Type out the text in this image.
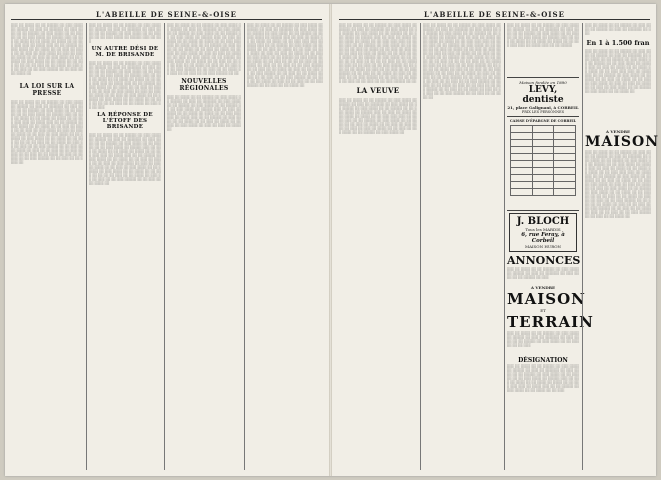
L'ABEILLE DE SEINE-&-OISE
░░░ ░░ ░░░░ ░░ ░░ ░░░░░ ░░ ░░░ ░░░░ ░░ ░░░░░ ░░ ░░░ ░░ ░░░░░░ ░░ ░░░ ░░░░ ░░ ░░ ░░░░░ ░░ ░░░ ░░░░ ░░ ░░ ░░░░░ ░░ ░░ ░░░ ░░░░ ░░ ░░░░░ ░░░ ░░ ░░░ ░░ ░░░░ ░░ ░░ ░░░░ ░░ ░░░░ ░░ ░░ ░░░ ░░░ ░░░ ░░ ░░░░ ░░░ ░░ ░░ ░░░░░ ░░ ░░░ ░░░░ ░░ ░░ ░░░░ ░░ ░░ ░░░ ░░ ░░░░ ░░ ░░ ░░░ ░░ ░░░ ░░░░ ░░ ░░░ ░░ ░░░ ░░ ░░░░ ░░ ░░ ░░░ ░░ ░░░ ░░░░ ░░ ░░ ░░░░░ ░░ ░░░ ░░░░ ░░ ░░ ░░░░ ░░ ░░ ░░░ ░░ ░░ ░░ ░░ ░░░ ░░ ░░ ░░░░ ░░ ░░░ ░░ ░░ ░░░ ░░ ░░ ░░░ ░░░░░ ░░ ░░ ░░░ ░░ ░░ ░░░░ ░░
LA LOI SUR LA PRESSE
░░░ ░░ ░░░░ ░░ ░░ ░░░░░ ░░ ░░░ ░░░░ ░░ ░░░░░ ░░ ░░░ ░░ ░░░░░░ ░░ ░░░ ░░░░ ░░ ░░ ░░░░░ ░░ ░░░ ░░░░ ░░ ░░ ░░░░░ ░░ ░░ ░░░ ░░░░ ░░ ░░░░░ ░░░ ░░ ░░░ ░░ ░░░░ ░░ ░░ ░░░░ ░░ ░░░░ ░░ ░░ ░░░ ░░░ ░░░ ░░ ░░░░ ░░░ ░░ ░░ ░░░░░ ░░ ░░░ ░░░░ ░░ ░░ ░░░░ ░░ ░░ ░░░ ░░ ░░░░ ░░ ░░ ░░░ ░░ ░░░ ░░░░ ░░ ░░░ ░░ ░░░ ░░ ░░░░ ░░ ░░ ░░░ ░░ ░░░ ░░░░ ░░ ░░ ░░░░░ ░░ ░░░ ░░░░ ░░ ░░ ░░░░ ░░ ░░ ░░░ ░░ ░░ ░░ ░░ ░░░ ░░ ░░ ░░░░ ░░ ░░░ ░░ ░░ ░░░ ░░ ░░ ░░░ ░░░░░ ░░ ░░ ░░░ ░░ ░░ ░░░░ ░░ ░░░ ░░ ░░ ░░░ ░░ ░░ ░░░ ░░░░░ ░░ ░░ ░░░ ░░ ░░ ░░░░ ░░ ░░░ ░░ ░░ ░░░ ░░ ░░ ░░░ ░░░░░ ░░ ░░ ░░░ ░░ ░░ ░░░░ ░░
░░░ ░░ ░░░░ ░░ ░░ ░░░░░ ░░ ░░░ ░░░░ ░░ ░░░░░ ░░ ░░░ ░░ ░░░░░░ ░░ ░░░ ░░░░ ░░ ░░ ░░░░░ ░░ ░░░ ░░░░ ░░ ░░ ░░░░░ ░░ ░░ ░░░ ░░░░ ░░ ░░░░░ ░░░ ░░ ░░░
UN AUTRE DÉSI DE M. DE BRISANDE
░░░ ░░ ░░░░ ░░ ░░ ░░░░░ ░░ ░░░ ░░░░ ░░ ░░░░░ ░░ ░░░ ░░ ░░░░░░ ░░ ░░░ ░░░░ ░░ ░░ ░░░░░ ░░ ░░░ ░░░░ ░░ ░░ ░░░░░ ░░ ░░ ░░░ ░░░░ ░░ ░░░░░ ░░░ ░░ ░░░ ░░ ░░░░ ░░ ░░ ░░░░ ░░ ░░░░ ░░ ░░ ░░░ ░░░ ░░░ ░░ ░░░░ ░░░ ░░ ░░ ░░░░░ ░░ ░░░ ░░░░ ░░ ░░ ░░░░ ░░ ░░ ░░░ ░░ ░░░░ ░░ ░░ ░░░ ░░ ░░░ ░░░░ ░░ ░░░ ░░ ░░░ ░░ ░░░░ ░░ ░░ ░░░ ░░ ░░░ ░░░░ ░░ ░░ ░░░░░ ░░ ░░░ ░░░░ ░░ ░░ ░░░░ ░░ ░░ ░░░ ░░ ░░ ░░ ░░ ░░░ ░░ ░░ ░░░░ ░░ ░░░ ░░ ░░ ░░░
LA RÉPONSE DE L'ÉTOFF DES BRISANDE
░░░ ░░ ░░░░ ░░ ░░ ░░░░░ ░░ ░░░ ░░░░ ░░ ░░░░░ ░░ ░░░ ░░ ░░░░░░ ░░ ░░░ ░░░░ ░░ ░░ ░░░░░ ░░ ░░░ ░░░░ ░░ ░░ ░░░░░ ░░ ░░ ░░░ ░░░░ ░░ ░░░░░ ░░░ ░░ ░░░ ░░ ░░░░ ░░ ░░ ░░░░ ░░ ░░░░ ░░ ░░ ░░░ ░░░ ░░░ ░░ ░░░░ ░░░ ░░ ░░ ░░░░░ ░░ ░░░ ░░░░ ░░ ░░ ░░░░ ░░ ░░ ░░░ ░░ ░░░░ ░░ ░░ ░░░ ░░ ░░░ ░░░░ ░░ ░░░ ░░ ░░░ ░░ ░░░░ ░░ ░░ ░░░ ░░ ░░░ ░░░░ ░░ ░░ ░░░░░ ░░ ░░░ ░░░░ ░░ ░░ ░░░░ ░░ ░░ ░░░ ░░ ░░ ░░ ░░ ░░░ ░░ ░░ ░░░░ ░░ ░░░ ░░ ░░ ░░░ ░░ ░░ ░░░ ░░░░░ ░░ ░░ ░░░ ░░ ░░ ░░░░ ░░
░░░ ░░ ░░░░ ░░ ░░ ░░░░░ ░░ ░░░ ░░░░ ░░ ░░░░░ ░░ ░░░ ░░ ░░░░░░ ░░ ░░░ ░░░░ ░░ ░░ ░░░░░ ░░ ░░░ ░░░░ ░░ ░░ ░░░░░ ░░ ░░ ░░░ ░░░░ ░░ ░░░░░ ░░░ ░░ ░░░ ░░ ░░░░ ░░ ░░ ░░░░ ░░ ░░░░ ░░ ░░ ░░░ ░░░ ░░░ ░░ ░░░░ ░░░ ░░ ░░ ░░░░░ ░░ ░░░ ░░░░ ░░ ░░ ░░░░ ░░ ░░ ░░░ ░░ ░░░░ ░░ ░░ ░░░ ░░ ░░░ ░░░░ ░░ ░░░ ░░ ░░░ ░░ ░░░░ ░░ ░░ ░░░ ░░ ░░░ ░░░░ ░░ ░░ ░░░░░ ░░ ░░░ ░░░░ ░░ ░░ ░░░░ ░░ ░░ ░░░ ░░ ░░ ░░ ░░ ░░░ ░░ ░░ ░░░░ ░░ ░░░ ░░ ░░ ░░░ ░░ ░░ ░░░ ░░░░░ ░░ ░░ ░░░ ░░ ░░ ░░░░ ░░ ░░░ ░░ ░░ ░░░ ░░ ░░ ░░░ ░░░░░ ░░ ░░
NOUVELLES RÉGIONALES
░░░ ░░ ░░░░ ░░ ░░ ░░░░░ ░░ ░░░ ░░░░ ░░ ░░░░░ ░░ ░░░ ░░ ░░░░░░ ░░ ░░░ ░░░░ ░░ ░░ ░░░░░ ░░ ░░░ ░░░░ ░░ ░░ ░░░░░ ░░ ░░ ░░░ ░░░░ ░░ ░░░░░ ░░░ ░░ ░░░ ░░ ░░░░ ░░ ░░ ░░░░ ░░ ░░░░ ░░ ░░ ░░░ ░░░ ░░░ ░░ ░░░░ ░░░ ░░ ░░ ░░░░░ ░░ ░░░ ░░░░ ░░ ░░ ░░░░ ░░ ░░ ░░░ ░░ ░░░░ ░░ ░░ ░░░ ░░ ░░░ ░░░░ ░░ ░░░ ░░ ░░░ ░░ ░░░░ ░░
░░░ ░░ ░░░░ ░░ ░░ ░░░░░ ░░ ░░░ ░░░░ ░░ ░░░░░ ░░ ░░░ ░░ ░░░░░░ ░░ ░░░ ░░░░ ░░ ░░ ░░░░░ ░░ ░░░ ░░░░ ░░ ░░ ░░░░░ ░░ ░░ ░░░ ░░░░ ░░ ░░░░░ ░░░ ░░ ░░░ ░░ ░░░░ ░░ ░░ ░░░░ ░░ ░░░░ ░░ ░░ ░░░ ░░░ ░░░ ░░ ░░░░ ░░░ ░░ ░░ ░░░░░ ░░ ░░░ ░░░░ ░░ ░░ ░░░░ ░░ ░░ ░░░ ░░ ░░░░ ░░ ░░ ░░░ ░░ ░░░ ░░░░ ░░ ░░░ ░░ ░░░ ░░ ░░░░ ░░ ░░ ░░░ ░░ ░░░ ░░░░ ░░ ░░ ░░░░░ ░░ ░░░ ░░░░ ░░ ░░ ░░░░ ░░ ░░ ░░░ ░░ ░░ ░░ ░░ ░░░ ░░ ░░ ░░░░ ░░ ░░░ ░░ ░░ ░░░ ░░ ░░ ░░░ ░░░░░ ░░ ░░ ░░░ ░░ ░░ ░░░░ ░░ ░░░ ░░ ░░ ░░░ ░░ ░░ ░░░ ░░░░░ ░░ ░░ ░░░ ░░ ░░ ░░░░ ░░ ░░░ ░░ ░░ ░░░ ░░ ░░ ░░░ ░░░░░ ░░ ░░ ░░░ ░░ ░░ ░░░░ ░░ ░░░ ░░ ░░ ░░░ ░░ ░░ ░░░ ░░░░░ ░░ ░░ ░░░ ░░ ░░ ░░░░ ░░
L'ABEILLE DE SEINE-&-OISE
░░░ ░░ ░░░░ ░░ ░░ ░░░░░ ░░ ░░░ ░░░░ ░░ ░░░░░ ░░ ░░░ ░░ ░░░░░░ ░░ ░░░ ░░░░ ░░ ░░ ░░░░░ ░░ ░░░ ░░░░ ░░ ░░ ░░░░░ ░░ ░░ ░░░ ░░░░ ░░ ░░░░░ ░░░ ░░ ░░░ ░░ ░░░░ ░░ ░░ ░░░░ ░░ ░░░░ ░░ ░░ ░░░ ░░░ ░░░ ░░ ░░░░ ░░░ ░░ ░░ ░░░░░ ░░ ░░░ ░░░░ ░░ ░░ ░░░░ ░░ ░░ ░░░ ░░ ░░░░ ░░ ░░ ░░░ ░░ ░░░ ░░░░ ░░ ░░░ ░░ ░░░ ░░ ░░░░ ░░ ░░ ░░░ ░░ ░░░ ░░░░ ░░ ░░ ░░░░░ ░░ ░░░ ░░░░ ░░ ░░ ░░░░ ░░ ░░ ░░░ ░░ ░░ ░░ ░░ ░░░ ░░ ░░ ░░░░ ░░ ░░░ ░░ ░░ ░░░ ░░ ░░ ░░░ ░░░░░ ░░ ░░ ░░░ ░░ ░░ ░░░░ ░░ ░░░ ░░ ░░ ░░░ ░░ ░░ ░░░ ░░░░░ ░░ ░░ ░░░ ░░ ░░ ░░░░ ░░ ░░░ ░░ ░░ ░░░ ░░ ░░ ░░░ ░░░░░ ░░ ░░ ░░░ ░░ ░░ ░░░░ ░░ ░░░ ░░ ░░ ░░░ ░░ ░░ ░░░ ░░░░░ ░░ ░░
LA VEUVE
░░░ ░░ ░░░░ ░░ ░░ ░░░░░ ░░ ░░░ ░░░░ ░░ ░░░░░ ░░ ░░░ ░░ ░░░░░░ ░░ ░░░ ░░░░ ░░ ░░ ░░░░░ ░░ ░░░ ░░░░ ░░ ░░ ░░░░░ ░░ ░░ ░░░ ░░░░ ░░ ░░░░░ ░░░ ░░ ░░░ ░░ ░░░░ ░░ ░░ ░░░░ ░░ ░░░░ ░░ ░░ ░░░ ░░░ ░░░ ░░ ░░░░ ░░░ ░░ ░░ ░░░░░ ░░ ░░░ ░░░░ ░░ ░░ ░░░░ ░░ ░░ ░░░ ░░ ░░░░ ░░ ░░ ░░░ ░░ ░░░ ░░░░ ░░ ░░░ ░░ ░░░ ░░ ░░░░ ░░ ░░ ░░░ ░░ ░░░ ░░░░ ░░ ░░ ░░░░░ ░░ ░░░ ░░░░ ░░
░░░ ░░ ░░░░ ░░ ░░ ░░░░░ ░░ ░░░ ░░░░ ░░ ░░░░░ ░░ ░░░ ░░ ░░░░░░ ░░ ░░░ ░░░░ ░░ ░░ ░░░░░ ░░ ░░░ ░░░░ ░░ ░░ ░░░░░ ░░ ░░ ░░░ ░░░░ ░░ ░░░░░ ░░░ ░░ ░░░ ░░ ░░░░ ░░ ░░ ░░░░ ░░ ░░░░ ░░ ░░ ░░░ ░░░ ░░░ ░░ ░░░░ ░░░ ░░ ░░ ░░░░░ ░░ ░░░ ░░░░ ░░ ░░ ░░░░ ░░ ░░ ░░░ ░░ ░░░░ ░░ ░░ ░░░ ░░ ░░░ ░░░░ ░░ ░░░ ░░ ░░░ ░░ ░░░░ ░░ ░░ ░░░ ░░ ░░░ ░░░░ ░░ ░░ ░░░░░ ░░ ░░░ ░░░░ ░░ ░░ ░░░░ ░░ ░░ ░░░ ░░ ░░ ░░ ░░ ░░░ ░░ ░░ ░░░░ ░░ ░░░ ░░ ░░ ░░░ ░░ ░░ ░░░ ░░░░░ ░░ ░░ ░░░ ░░ ░░ ░░░░ ░░ ░░░ ░░ ░░ ░░░ ░░ ░░ ░░░ ░░░░░ ░░ ░░ ░░░ ░░ ░░ ░░░░ ░░ ░░░ ░░ ░░ ░░░ ░░ ░░ ░░░ ░░░░░ ░░ ░░ ░░░ ░░ ░░ ░░░░ ░░ ░░░ ░░ ░░ ░░░ ░░ ░░ ░░░ ░░░░░ ░░ ░░ ░░░ ░░ ░░ ░░░░ ░░ ░░░ ░░ ░░ ░░░ ░░ ░░ ░░░ ░░░░░ ░░ ░░ ░░░ ░░ ░░ ░░░░ ░░ ░░░ ░░ ░░ ░░░ ░░ ░░ ░░░ ░░░░░ ░░ ░░ ░░░ ░░ ░░ ░░░░ ░░
░░░ ░░ ░░░░ ░░ ░░ ░░░░░ ░░ ░░░ ░░░░ ░░ ░░░░░ ░░ ░░░ ░░ ░░░░░░ ░░ ░░░ ░░░░ ░░ ░░ ░░░░░ ░░ ░░░ ░░░░ ░░ ░░ ░░░░░ ░░ ░░ ░░░ ░░░░ ░░ ░░░░░ ░░░ ░░ ░░░ ░░ ░░░░ ░░ ░░ ░░░░ ░░ ░░░░ ░░ ░░ ░░░ ░░░ ░░░ ░░ ░░░░ ░░░ ░░ ░░ ░░░░░
Maison fondée en 1880
LEVY, dentiste
21, place Galignani, à CORBEIL
PRIX LES PERSONNES
CAISSE D'ÉPARGNE DE CORBEIL

J. BLOCH
Tous les MARDIS
6, rue Feray, à Corbeil
MAISON HURON
ANNONCES
░░░ ░░ ░░░░ ░░ ░░ ░░░░░ ░░ ░░░ ░░░░ ░░ ░░░░░ ░░ ░░░ ░░ ░░░░░░ ░░ ░░░ ░░░░ ░░ ░░ ░░░░░ ░░ ░░░
A VENDRE
MAISON
ET
TERRAIN
░░░ ░░ ░░░░ ░░ ░░ ░░░░░ ░░ ░░░ ░░░░ ░░ ░░░░░ ░░ ░░░ ░░ ░░░░░░ ░░ ░░░ ░░░░ ░░ ░░ ░░░░░ ░░ ░░░ ░░░░ ░░ ░░ ░░░░░ ░░ ░░ ░░░
DÉSIGNATION
░░░ ░░ ░░░░ ░░ ░░ ░░░░░ ░░ ░░░ ░░░░ ░░ ░░░░░ ░░ ░░░ ░░ ░░░░░░ ░░ ░░░ ░░░░ ░░ ░░ ░░░░░ ░░ ░░░ ░░░░ ░░ ░░ ░░░░░ ░░ ░░ ░░░ ░░░░ ░░ ░░░░░ ░░░ ░░ ░░░ ░░ ░░░░ ░░ ░░ ░░░░ ░░ ░░░░ ░░ ░░ ░░░ ░░░ ░░░ ░░ ░░░░ ░░░ ░░ ░░ ░░░░░ ░░ ░░░ ░░░░ ░░ ░░ ░░░░ ░░ ░░ ░░░
░░░ ░░ ░░░░ ░░ ░░ ░░░░░ ░░ ░░░ ░░░░ ░░ ░░░░░ ░░ ░░░ ░░ ░░░░░░ ░░ ░░░
En 1 à 1.500 fran
░░░ ░░ ░░░░ ░░ ░░ ░░░░░ ░░ ░░░ ░░░░ ░░ ░░░░░ ░░ ░░░ ░░ ░░░░░░ ░░ ░░░ ░░░░ ░░ ░░ ░░░░░ ░░ ░░░ ░░░░ ░░ ░░ ░░░░░ ░░ ░░ ░░░ ░░░░ ░░ ░░░░░ ░░░ ░░ ░░░ ░░ ░░░░ ░░ ░░ ░░░░ ░░ ░░░░ ░░ ░░ ░░░ ░░░ ░░░ ░░ ░░░░ ░░░ ░░ ░░ ░░░░░ ░░ ░░░ ░░░░ ░░ ░░ ░░░░ ░░ ░░ ░░░ ░░ ░░░░ ░░ ░░ ░░░ ░░ ░░░ ░░░░ ░░ ░░░ ░░ ░░░ ░░ ░░░░ ░░ ░░ ░░░ ░░ ░░░ ░░░░ ░░ ░░ ░░░░░ ░░ ░░░ ░░░░ ░░ ░░ ░░░░ ░░
A VENDRE
MAISON
░░░ ░░ ░░░░ ░░ ░░ ░░░░░ ░░ ░░░ ░░░░ ░░ ░░░░░ ░░ ░░░ ░░ ░░░░░░ ░░ ░░░ ░░░░ ░░ ░░ ░░░░░ ░░ ░░░ ░░░░ ░░ ░░ ░░░░░ ░░ ░░ ░░░ ░░░░ ░░ ░░░░░ ░░░ ░░ ░░░ ░░ ░░░░ ░░ ░░ ░░░░ ░░ ░░░░ ░░ ░░ ░░░ ░░░ ░░░ ░░ ░░░░ ░░░ ░░ ░░ ░░░░░ ░░ ░░░ ░░░░ ░░ ░░ ░░░░ ░░ ░░ ░░░ ░░ ░░░░ ░░ ░░ ░░░ ░░ ░░░ ░░░░ ░░ ░░░ ░░ ░░░ ░░ ░░░░ ░░ ░░ ░░░ ░░ ░░░ ░░░░ ░░ ░░ ░░░░░ ░░ ░░░ ░░░░ ░░ ░░ ░░░░ ░░ ░░ ░░░ ░░ ░░ ░░ ░░ ░░░ ░░ ░░ ░░░░ ░░ ░░░ ░░ ░░ ░░░ ░░ ░░ ░░░ ░░░░░ ░░ ░░ ░░░ ░░ ░░ ░░░░ ░░ ░░░ ░░ ░░ ░░░ ░░ ░░ ░░░ ░░░░░ ░░ ░░ ░░░ ░░ ░░ ░░░░ ░░ ░░░ ░░ ░░ ░░░ ░░ ░░ ░░░ ░░░░░ ░░ ░░ ░░░ ░░ ░░ ░░░░ ░░
